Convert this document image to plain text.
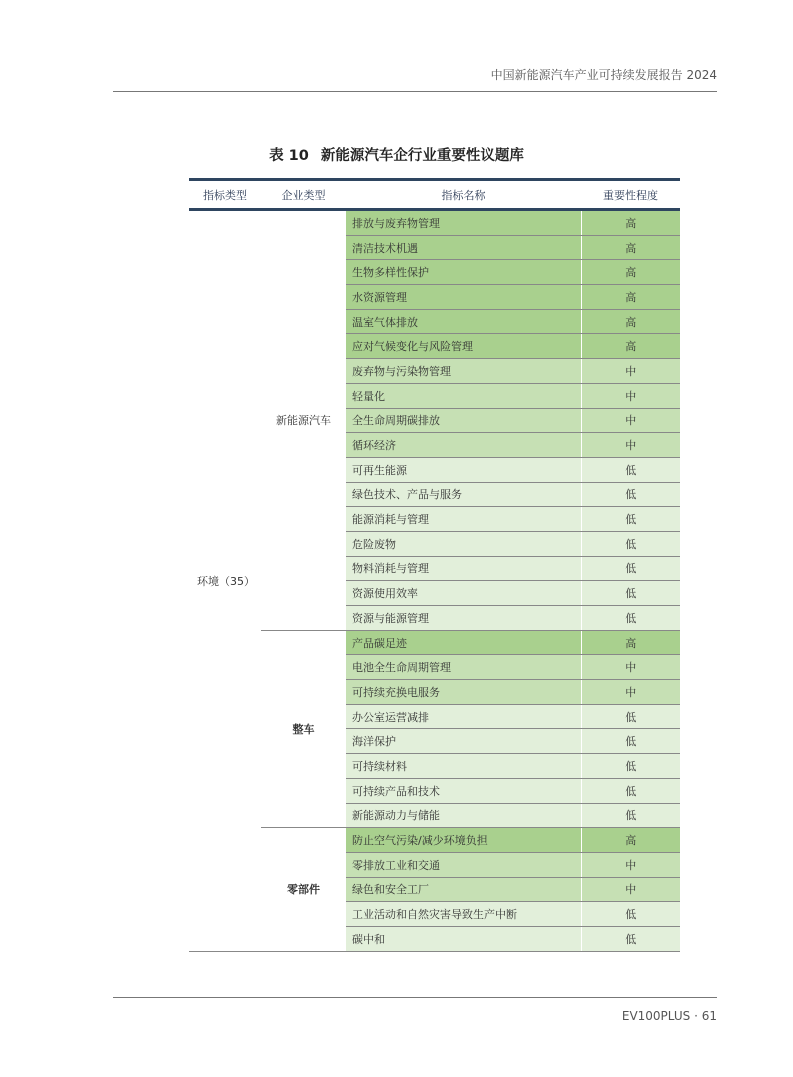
中国新能源汽车产业可持续发展报告 2024
表 10 新能源汽车企行业重要性议题库
指标类型	企业类型	指标名称	重要性程度
环境（35）	新能源汽车	排放与废弃物管理	高
		清洁技术机遇	高
		生物多样性保护	高
		水资源管理	高
		温室气体排放	高
		应对气候变化与风险管理	高
		废弃物与污染物管理	中
		轻量化	中
		全生命周期碳排放	中
		循环经济	中
		可再生能源	低
		绿色技术、产品与服务	低
		能源消耗与管理	低
		危险废物	低
		物料消耗与管理	低
		资源使用效率	低
		资源与能源管理	低
	整车	产品碳足迹	高
		电池全生命周期管理	中
		可持续充换电服务	中
		办公室运营减排	低
		海洋保护	低
		可持续材料	低
		可持续产品和技术	低
		新能源动力与储能	低
	零部件	防止空气污染/减少环境负担	高
		零排放工业和交通	中
		绿色和安全工厂	中
		工业活动和自然灾害导致生产中断	低
		碳中和	低
EV100PLUS · 61
